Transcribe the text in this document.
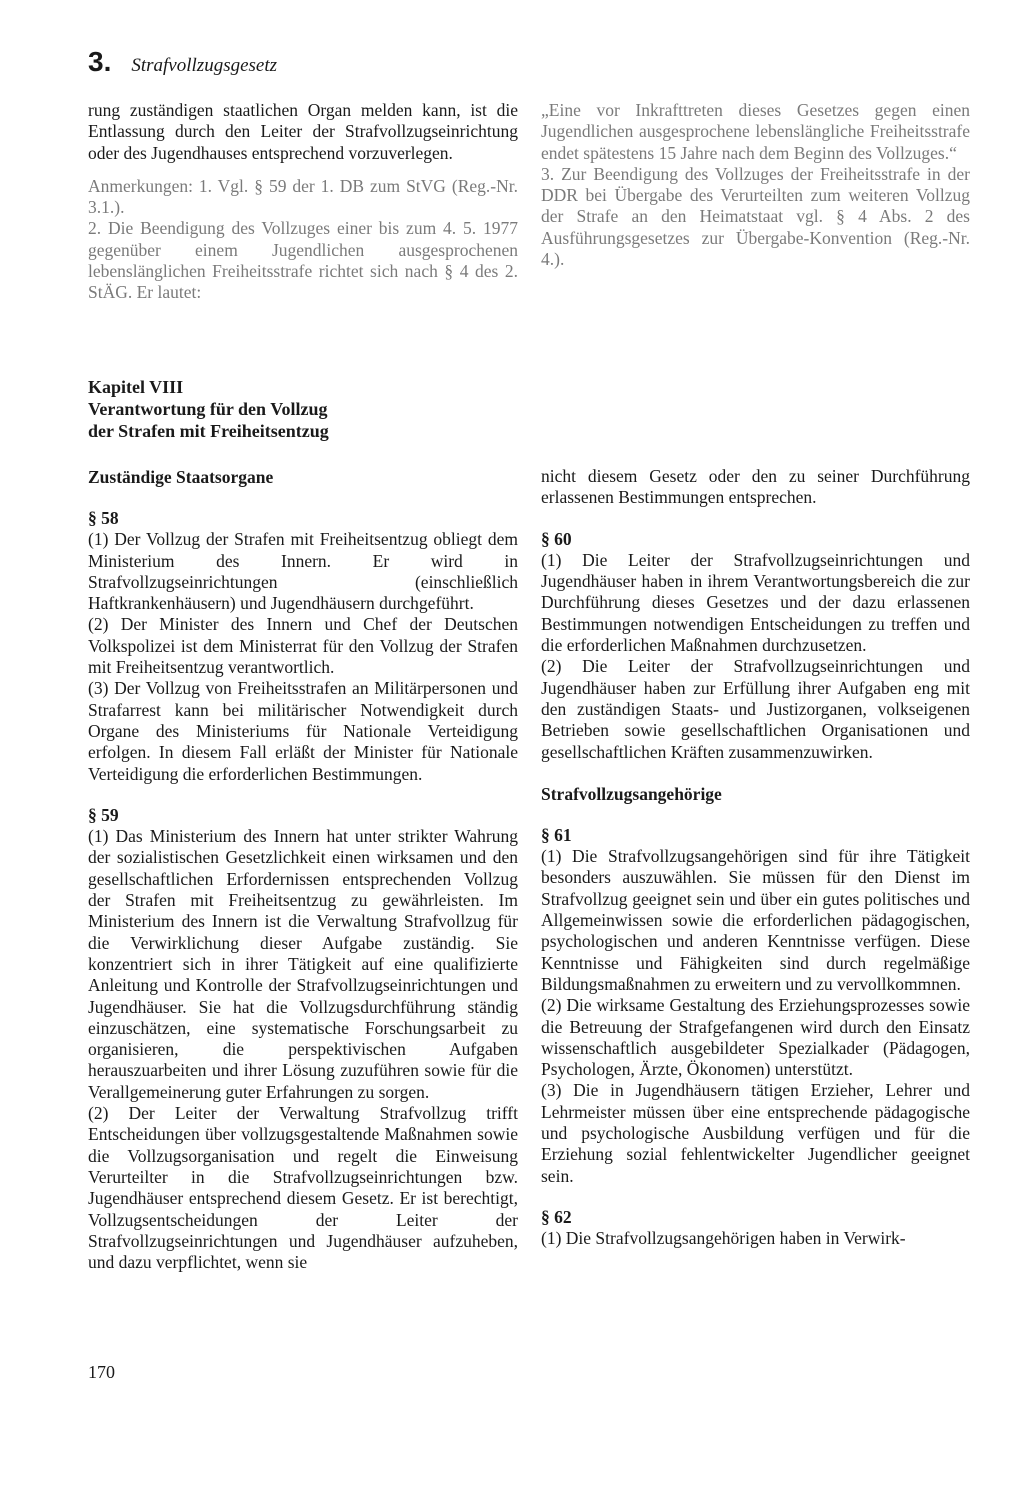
3. Strafvollzugsgesetz

rung zuständigen staatlichen Organ melden kann, ist die Entlassung durch den Leiter der Strafvollzugseinrichtung oder des Jugendhauses entsprechend vorzuverlegen.

Anmerkungen: 1. Vgl. § 59 der 1. DB zum StVG (Reg.-Nr. 3.1.).

2. Die Beendigung des Vollzuges einer bis zum 4. 5. 1977 gegenüber einem Jugendlichen ausgesprochenen lebenslänglichen Freiheitsstrafe richtet sich nach § 4 des 2. StÄG. Er lautet:

„Eine vor Inkrafttreten dieses Gesetzes gegen einen Jugendlichen ausgesprochene lebenslängliche Freiheitsstrafe endet spätestens 15 Jahre nach dem Beginn des Vollzuges.“

3. Zur Beendigung des Vollzuges der Freiheitsstrafe in der DDR bei Übergabe des Verurteilten zum weiteren Vollzug der Strafe an den Heimatstaat vgl. § 4 Abs. 2 des Ausführungsgesetzes zur Übergabe-Konvention (Reg.-Nr. 4.).

Kapitel VIII

Verantwortung für den Vollzug

der Strafen mit Freiheitsentzug

Zuständige Staatsorgane

§ 58

(1) Der Vollzug der Strafen mit Freiheitsentzug obliegt dem Ministerium des Innern. Er wird in Strafvollzugseinrichtungen (einschließlich Haftkrankenhäusern) und Jugendhäusern durchgeführt.

(2) Der Minister des Innern und Chef der Deutschen Volkspolizei ist dem Ministerrat für den Vollzug der Strafen mit Freiheitsentzug verantwortlich.

(3) Der Vollzug von Freiheitsstrafen an Militärpersonen und Strafarrest kann bei militärischer Notwendigkeit durch Organe des Ministeriums für Nationale Verteidigung erfolgen. In diesem Fall erläßt der Minister für Nationale Verteidigung die erforderlichen Bestimmungen.

§ 59

(1) Das Ministerium des Innern hat unter strikter Wahrung der sozialistischen Gesetzlichkeit einen wirksamen und den gesellschaftlichen Erfordernissen entsprechenden Vollzug der Strafen mit Freiheitsentzug zu gewährleisten. Im Ministerium des Innern ist die Verwaltung Strafvollzug für die Verwirklichung dieser Aufgabe zuständig. Sie konzentriert sich in ihrer Tätigkeit auf eine qualifizierte Anleitung und Kontrolle der Strafvollzugseinrichtungen und Jugendhäuser. Sie hat die Vollzugsdurchführung ständig einzuschätzen, eine systematische Forschungsarbeit zu organisieren, die perspektivischen Aufgaben herauszuarbeiten und ihrer Lösung zuzuführen sowie für die Verallgemeinerung guter Erfahrungen zu sorgen.

(2) Der Leiter der Verwaltung Strafvollzug trifft Entscheidungen über vollzugsgestaltende Maßnahmen sowie die Vollzugsorganisation und regelt die Einweisung Verurteilter in die Strafvollzugseinrichtungen bzw. Jugendhäuser entsprechend diesem Gesetz. Er ist berechtigt, Vollzugsentscheidungen der Leiter der Strafvollzugseinrichtungen und Jugendhäuser aufzuheben, und dazu verpflichtet, wenn sie

nicht diesem Gesetz oder den zu seiner Durchführung erlassenen Bestimmungen entsprechen.

§ 60

(1) Die Leiter der Strafvollzugseinrichtungen und Jugendhäuser haben in ihrem Verantwortungsbereich die zur Durchführung dieses Gesetzes und der dazu erlassenen Bestimmungen notwendigen Entscheidungen zu treffen und die erforderlichen Maßnahmen durchzusetzen.

(2) Die Leiter der Strafvollzugseinrichtungen und Jugendhäuser haben zur Erfüllung ihrer Aufgaben eng mit den zuständigen Staats- und Justizorganen, volkseigenen Betrieben sowie gesellschaftlichen Organisationen und gesellschaftlichen Kräften zusammenzuwirken.

Strafvollzugsangehörige

§ 61

(1) Die Strafvollzugsangehörigen sind für ihre Tätigkeit besonders auszuwählen. Sie müssen für den Dienst im Strafvollzug geeignet sein und über ein gutes politisches und Allgemeinwissen sowie die erforderlichen pädagogischen, psychologischen und anderen Kenntnisse verfügen. Diese Kenntnisse und Fähigkeiten sind durch regelmäßige Bildungsmaßnahmen zu erweitern und zu vervollkommnen.

(2) Die wirksame Gestaltung des Erziehungsprozesses sowie die Betreuung der Strafgefangenen wird durch den Einsatz wissenschaftlich ausgebildeter Spezialkader (Pädagogen, Psychologen, Ärzte, Ökonomen) unterstützt.

(3) Die in Jugendhäusern tätigen Erzieher, Lehrer und Lehrmeister müssen über eine entsprechende pädagogische und psychologische Ausbildung verfügen und für die Erziehung sozial fehlentwickelter Jugendlicher geeignet sein.

§ 62

(1) Die Strafvollzugsangehörigen haben in Verwirk-

170
